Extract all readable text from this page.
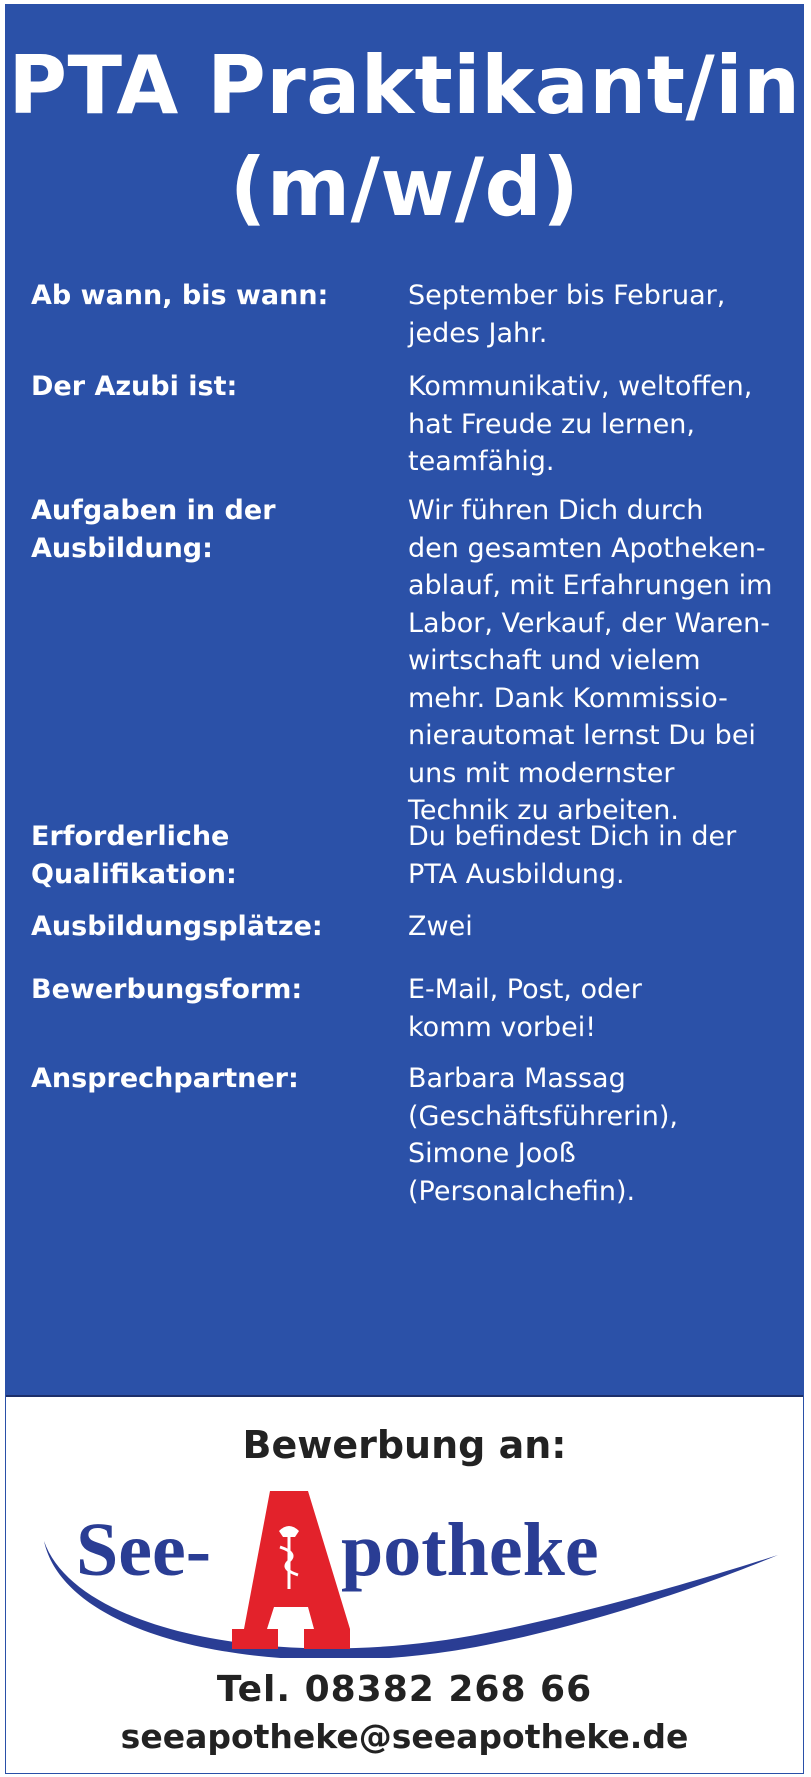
PTA Praktikant/in
(m/w/d)
Ab wann, bis wann:	September bis Februar,
jedes Jahr.
Der Azubi ist:	Kommunikativ, weltoffen,
hat Freude zu lernen,
teamfähig.
Aufgaben in der
Ausbildung:
Wir führen Dich durch
den gesamten Apotheken-
ablauf, mit Erfahrungen im
Labor, Verkauf, der Waren-
wirtschaft und vielem
mehr. Dank Kommissio-
nierautomat lernst Du bei
uns mit modernster
Technik zu arbeiten.
Erforderliche
Qualifikation:
Du befindest Dich in der
PTA Ausbildung.
Ausbildungsplätze:	Zwei
Bewerbungsform:	E-Mail, Post, oder
komm vorbei!
Ansprechpartner:	Barbara Massag
(Geschäftsführerin),
Simone Jooß
(Personalchefin).
Bewerbung an:
See- potheke
Tel. 08382 268 66
seeapotheke@seeapotheke.de
